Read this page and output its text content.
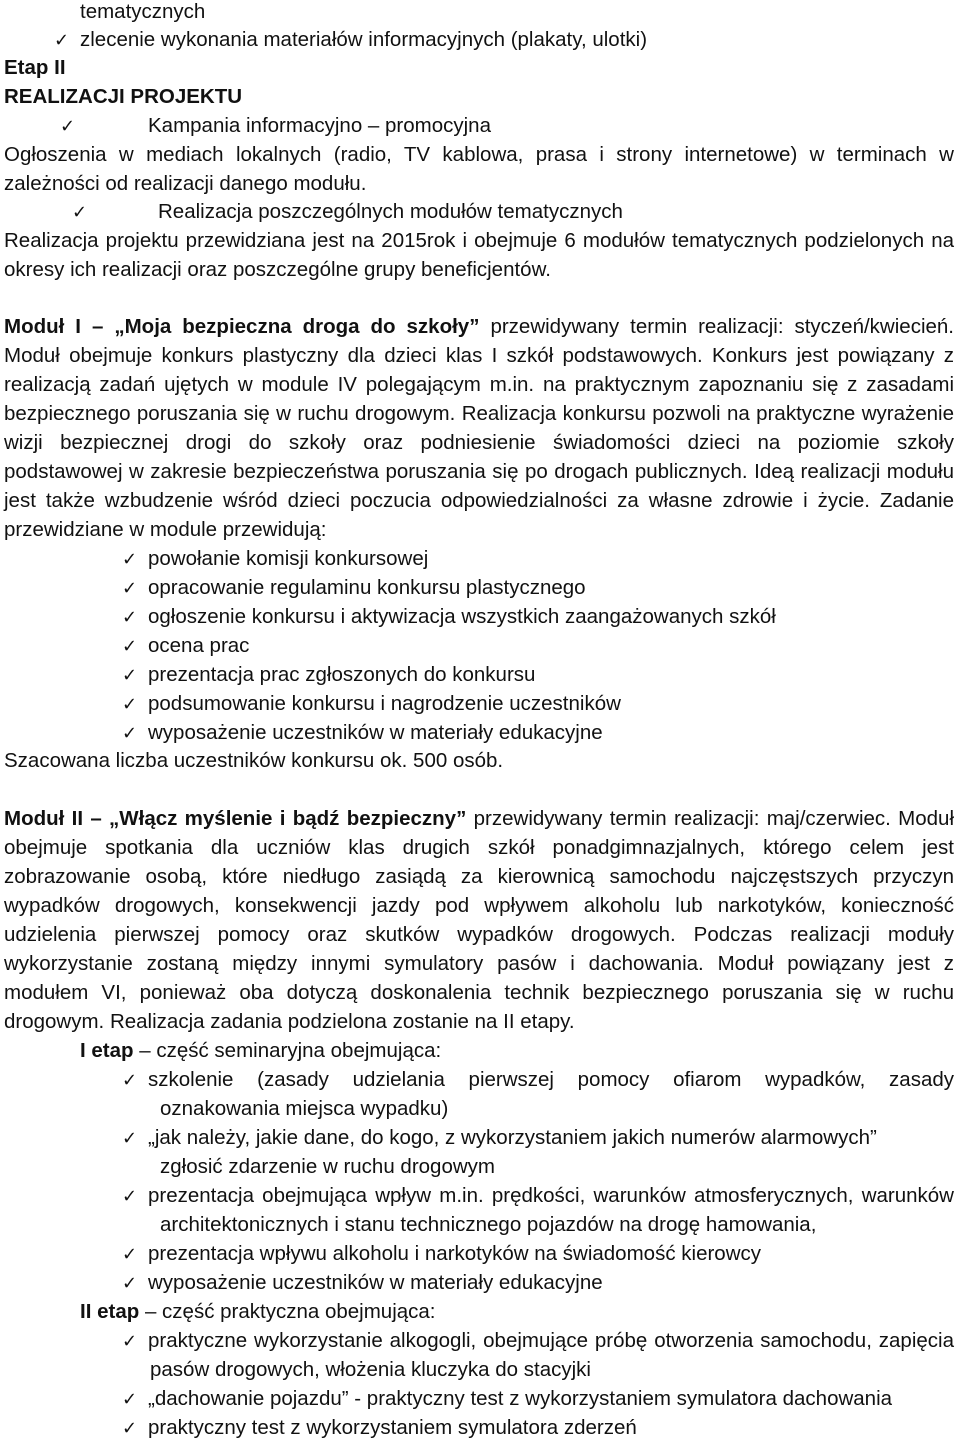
tematycznych
✓ zlecenie wykonania materiałów informacyjnych (plakaty, ulotki)
Etap II
REALIZACJI PROJEKTU
✓	Kampania informacyjno – promocyjna
Ogłoszenia w mediach lokalnych (radio, TV kablowa, prasa i strony internetowe) w terminach w
zależności od realizacji danego modułu.
✓	Realizacja poszczególnych modułów tematycznych
Realizacja projektu przewidziana jest na 2015rok i obejmuje 6 modułów tematycznych podzielonych na
okresy ich realizacji oraz poszczególne grupy beneficjentów.
Moduł I – „Moja bezpieczna droga do szkoły” przewidywany termin realizacji: styczeń/kwiecień.
Moduł obejmuje konkurs plastyczny dla dzieci klas I szkół podstawowych. Konkurs jest powiązany z
realizacją zadań ujętych w module IV polegającym m.in. na praktycznym zapoznaniu się z zasadami
bezpiecznego poruszania się w ruchu drogowym. Realizacja konkursu pozwoli na praktyczne wyrażenie
wizji bezpiecznej drogi do szkoły oraz podniesienie świadomości dzieci na poziomie szkoły
podstawowej w zakresie bezpieczeństwa poruszania się po drogach publicznych. Ideą realizacji modułu
jest także wzbudzenie wśród dzieci poczucia odpowiedzialności za własne zdrowie i życie. Zadanie
przewidziane w module przewidują:
✓ powołanie komisji konkursowej
✓ opracowanie regulaminu konkursu plastycznego
✓ ogłoszenie konkursu i aktywizacja wszystkich zaangażowanych szkół
✓ ocena prac
✓ prezentacja prac zgłoszonych do konkursu
✓ podsumowanie konkursu i nagrodzenie uczestników
✓ wyposażenie uczestników w materiały edukacyjne
Szacowana liczba uczestników konkursu ok. 500 osób.
Moduł II – „Włącz myślenie i bądź bezpieczny” przewidywany termin realizacji: maj/czerwiec. Moduł
obejmuje spotkania dla uczniów klas drugich szkół ponadgimnazjalnych, którego celem jest
zobrazowanie osobą, które niedługo zasiądą za kierownicą samochodu najczęstszych przyczyn
wypadków drogowych, konsekwencji jazdy pod wpływem alkoholu lub narkotyków, konieczność
udzielenia pierwszej pomocy oraz skutków wypadków drogowych. Podczas realizacji moduły
wykorzystanie zostaną między innymi symulatory pasów i dachowania. Moduł powiązany jest z
modułem VI, ponieważ oba dotyczą doskonalenia technik bezpiecznego poruszania się w ruchu
drogowym. Realizacja zadania podzielona zostanie na II etapy.
I etap – część seminaryjna obejmująca:
✓ szkolenie (zasady udzielania pierwszej pomocy ofiarom wypadków, zasady
oznakowania miejsca wypadku)
✓ „jak należy, jakie dane, do kogo, z wykorzystaniem jakich numerów alarmowych”
zgłosić zdarzenie w ruchu drogowym
✓ prezentacja obejmująca wpływ m.in. prędkości, warunków atmosferycznych, warunków
architektonicznych i stanu technicznego pojazdów na drogę hamowania,
✓ prezentacja wpływu alkoholu i narkotyków na świadomość kierowcy
✓ wyposażenie uczestników w materiały edukacyjne
II etap – część praktyczna obejmująca:
✓ praktyczne wykorzystanie alkogogli, obejmujące próbę otworzenia samochodu, zapięcia
pasów drogowych, włożenia kluczyka do stacyjki
✓ „dachowanie pojazdu” - praktyczny test z wykorzystaniem symulatora dachowania
✓ praktyczny test z wykorzystaniem symulatora zderzeń
